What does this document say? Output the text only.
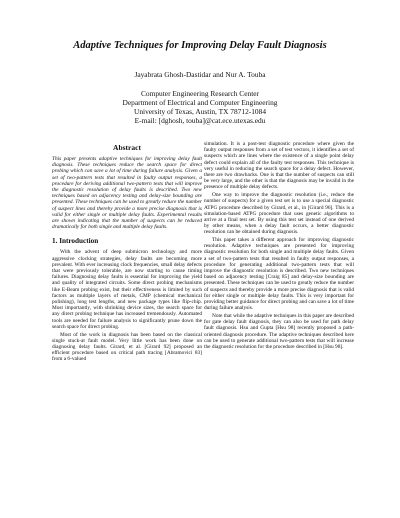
Adaptive Techniques for Improving Delay Fault Diagnosis

Jayabrata Ghosh-Dastidar and Nur A. Touba

Computer Engineering Research Center
Department of Electrical and Computer Engineering
University of Texas, Austin, TX 78712-1084
E-mail: [dghosh, touba]@cat.ece.utexas.edu
Abstract

This paper presents adaptive techniques for improving delay fault diagnosis. These techniques reduce the search space for direct probing which can save a lot of time during failure analysis. Given a set of two-pattern tests that resulted in faulty output responses, a procedure for deriving additional two-pattern tests that will improve the diagnostic resolution of delay faults is described. Two new techniques based on adjacency testing and delay-size bounding are presented. These techniques can be used to greatly reduce the number of suspect lines and thereby provide a more precise diagnosis that is valid for either single or multiple delay faults. Experimental results are shown indicating that the number of suspects can be reduced dramatically for both single and multiple delay faults.

1. Introduction

With the advent of deep submicron technology and more aggressive clocking strategies, delay faults are becoming more prevalent. With ever increasing clock frequencies, small delay defects that were previously tolerable, are now starting to cause timing failures. Diagnosing delay faults is essential for improving the yield and quality of integrated circuits. Some direct probing mechanisms like E-Beam probing exist, but their effectiveness is limited by such factors as multiple layers of metals, CMP (chemical mechanical polishing), long test lengths, and new package types like flip-chip. Most importantly, with shrinking device sizes, the search space for any direct probing technique has increased tremendously. Automated tools are needed for failure analysis to significantly prune down the search space for direct probing.

Most of the work in diagnosis has been based on the classical single stuck-at fault model. Very little work has been done on diagnosing delay faults. Girard, et al. [Girard 92] proposed an efficient procedure based on critical path tracing [Abramovici 83] from a 6-valued

simulation. It is a post-test diagnostic procedure where given the faulty output responses from a set of test vectors, it identifies a set of suspects which are lines where the existence of a single point delay defect could explain all of the faulty test responses. This technique is very useful in reducing the search space for a delay defect. However, there are two drawbacks. One is that the number of suspects can still be very large, and the other is that the diagnosis may be invalid in the presence of multiple delay defects.

One way to improve the diagnostic resolution (i.e., reduce the number of suspects) for a given test set is to use a special diagnostic ATPG procedure described by Girard, et al., in [Girard 96]. This is a simulation-based ATPG procedure that uses genetic algorithms to arrive at a final test set. By using this test set instead of one derived by other means, when a delay fault occurs, a better diagnostic resolution can be obtained during diagnosis.

This paper takes a different approach for improving diagnostic resolution. Adaptive techniques are presented for improving diagnostic resolution for both single and multiple delay faults. Given a set of two-pattern tests that resulted in faulty output responses, a procedure for generating additional two-pattern tests that will improve the diagnostic resolution is described. Two new techniques based on adjacency testing [Craig 85] and delay-size bounding are presented. These techniques can be used to greatly reduce the number of suspects and thereby provide a more precise diagnosis that is valid for either single or multiple delay faults. This is very important for providing better guidance for direct probing and can save a lot of time during failure analysis.

Note that while the adaptive techniques in this paper are described for gate delay fault diagnosis, they can also be used for path delay fault diagnosis. Hsu and Gupta [Hsu 98] recently proposed a path-oriented diagnosis procedure. The adaptive techniques described here can be used to generate additional two-pattern tests that will increase the diagnostic resolution for the procedure described in [Hsu 98].
